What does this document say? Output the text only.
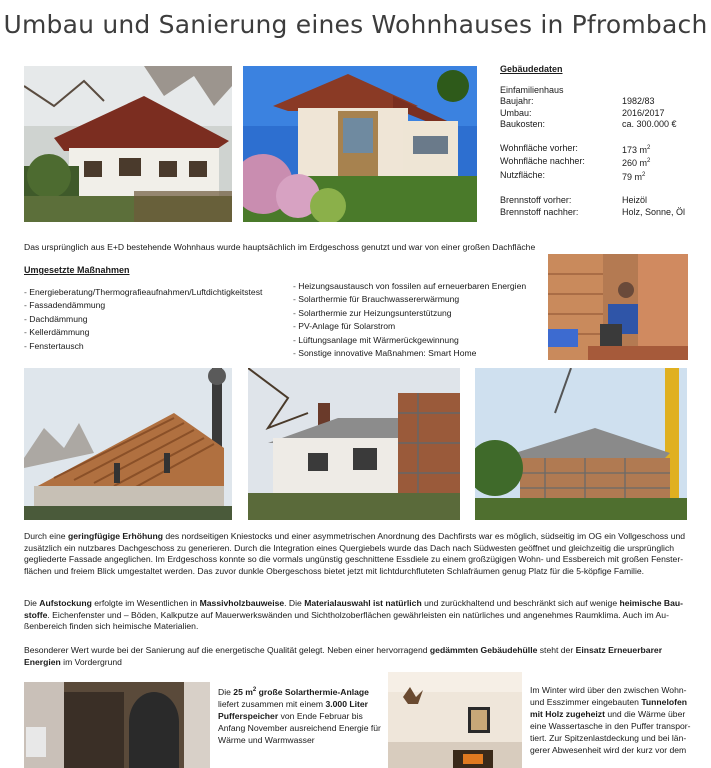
Umbau und Sanierung eines Wohnhauses in Pfrombach
Gebäudedaten
Einfamilienhaus
Baujahr:	1982/83
Umbau:	2016/2017
Baukosten:	ca. 300.000 €
Wohnfläche vorher:	173 $m^2$
Wohnfläche nachher:	260 $m^2$
Nutzfläche:	79 $m^2$
Brennstoff vorher:	Heizöl
Brennstoff nachher:	Holz, Sonne, Öl
Das ursprünglich aus E+D bestehende Wohnhaus wurde hauptsächlich im Erdgeschoss genutzt und war von einer großen Dachfläche
Umgesetzte Maßnahmen
- Energieberatung/Thermografieaufnahmen/Luftdichtigkeitstest
- Fassadendämmung
- Dachdämmung
- Kellerdämmung
- Fenstertausch
- Heizungsaustausch von fossilen auf erneuerbaren Energien
- Solarthermie für Brauchwassererwärmung
- Solarthermie zur Heizungsunterstützung
- PV-Anlage für Solarstrom
- Lüftungsanlage mit Wärmerückgewinnung
- Sonstige innovative Maßnahmen: Smart Home
Durch eine geringfügige Erhöhung des nordseitigen Kniestocks und einer asymmetrischen Anordnung des Dachfirsts war es möglich, südseitig im OG ein Vollgeschoss und zusätzlich ein nutzbares Dachgeschoss zu generieren. Durch die Integration eines Quergiebels wurde das Dach nach Südwesten geöffnet und gleichzeitig die ursprünglich gegliederte Fassade angeglichen. Im Erdgeschoss konnte so die vormals ungünstig geschnittene Essdiele zu einem großzügigen Wohn- und Essbereich mit großen Fensterflächen und freiem Blick umgestaltet werden. Das zuvor dunkle Obergeschoss bietet jetzt mit lichtdurchfluteten Schlafräumen genug Platz für die 5-köpfige Familie.
Die Aufstockung erfolgte im Wesentlichen in Massivholzbauweise. Die Materialauswahl ist natürlich und zurückhaltend und beschränkt sich auf wenige heimische Baustoffe. Eichenfenster und – Böden, Kalkputze auf Mauerwerkswänden und Sichtholzoberflächen gewährleisten ein natürliches und angenehmes Raumklima. Auch im Außenbereich finden sich heimische Materialien.
Besonderer Wert wurde bei der Sanierung auf die energetische Qualität gelegt. Neben einer hervorragend gedämmten Gebäudehülle steht der Einsatz Erneuerbarer Energien im Vordergrund
Die 25 $m^2$ große Solarthermie-Anlage liefert zusammen mit einem 3.000 Liter Pufferspeicher von Ende Februar bis Anfang November ausreichend Energie für Wärme und Warmwasser
Im Winter wird über den zwischen Wohn- und Esszimmer eingebauten Tunnelofen mit Holz zugeheizt und die Wärme über eine Wassertasche in den Puffer transportiert. Zur Spitzenlastdeckung und bei längerer Abwesenheit wird der kurz vor dem
